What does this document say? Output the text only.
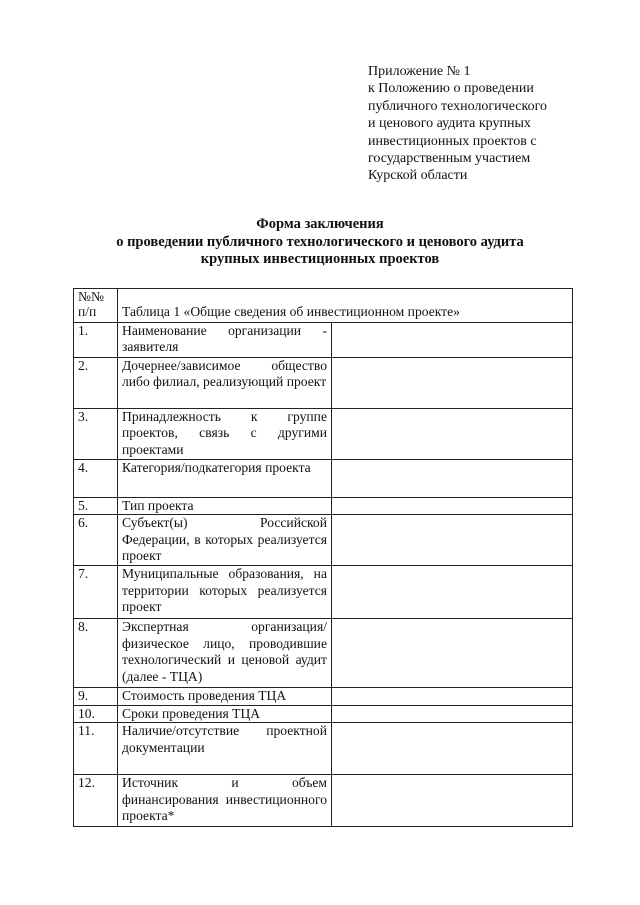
Приложение № 1
к Положению о проведении
публичного технологического
и ценового аудита крупных
инвестиционных проектов с
государственным участием
Курской области
Форма заключения
о проведении публичного технологического и ценового аудита
крупных инвестиционных проектов
№№
п/п	Таблица 1 «Общие сведения об инвестиционном проекте»	

1.	Наименование организации - заявителя	
2.	Дочернее/зависимое общество либо филиал, реализующий проект	
3.	Принадлежность к группе проектов, связь с другими проектами	
4.	Категория/подкатегория проекта	
5.	Тип проекта	
6.	Субъект(ы) Российской Федерации, в которых реализуется проект	
7.	Муниципальные образования, на территории которых реализуется проект	
8.	Экспертная организация/физическое лицо, проводившие технологический и ценовой аудит (далее - ТЦА)	
9.	Стоимость проведения ТЦА	
10.	Сроки проведения ТЦА	
11.	Наличие/отсутствие проектной документации	
12.	Источник и объем финансирования инвестиционного проекта*	
